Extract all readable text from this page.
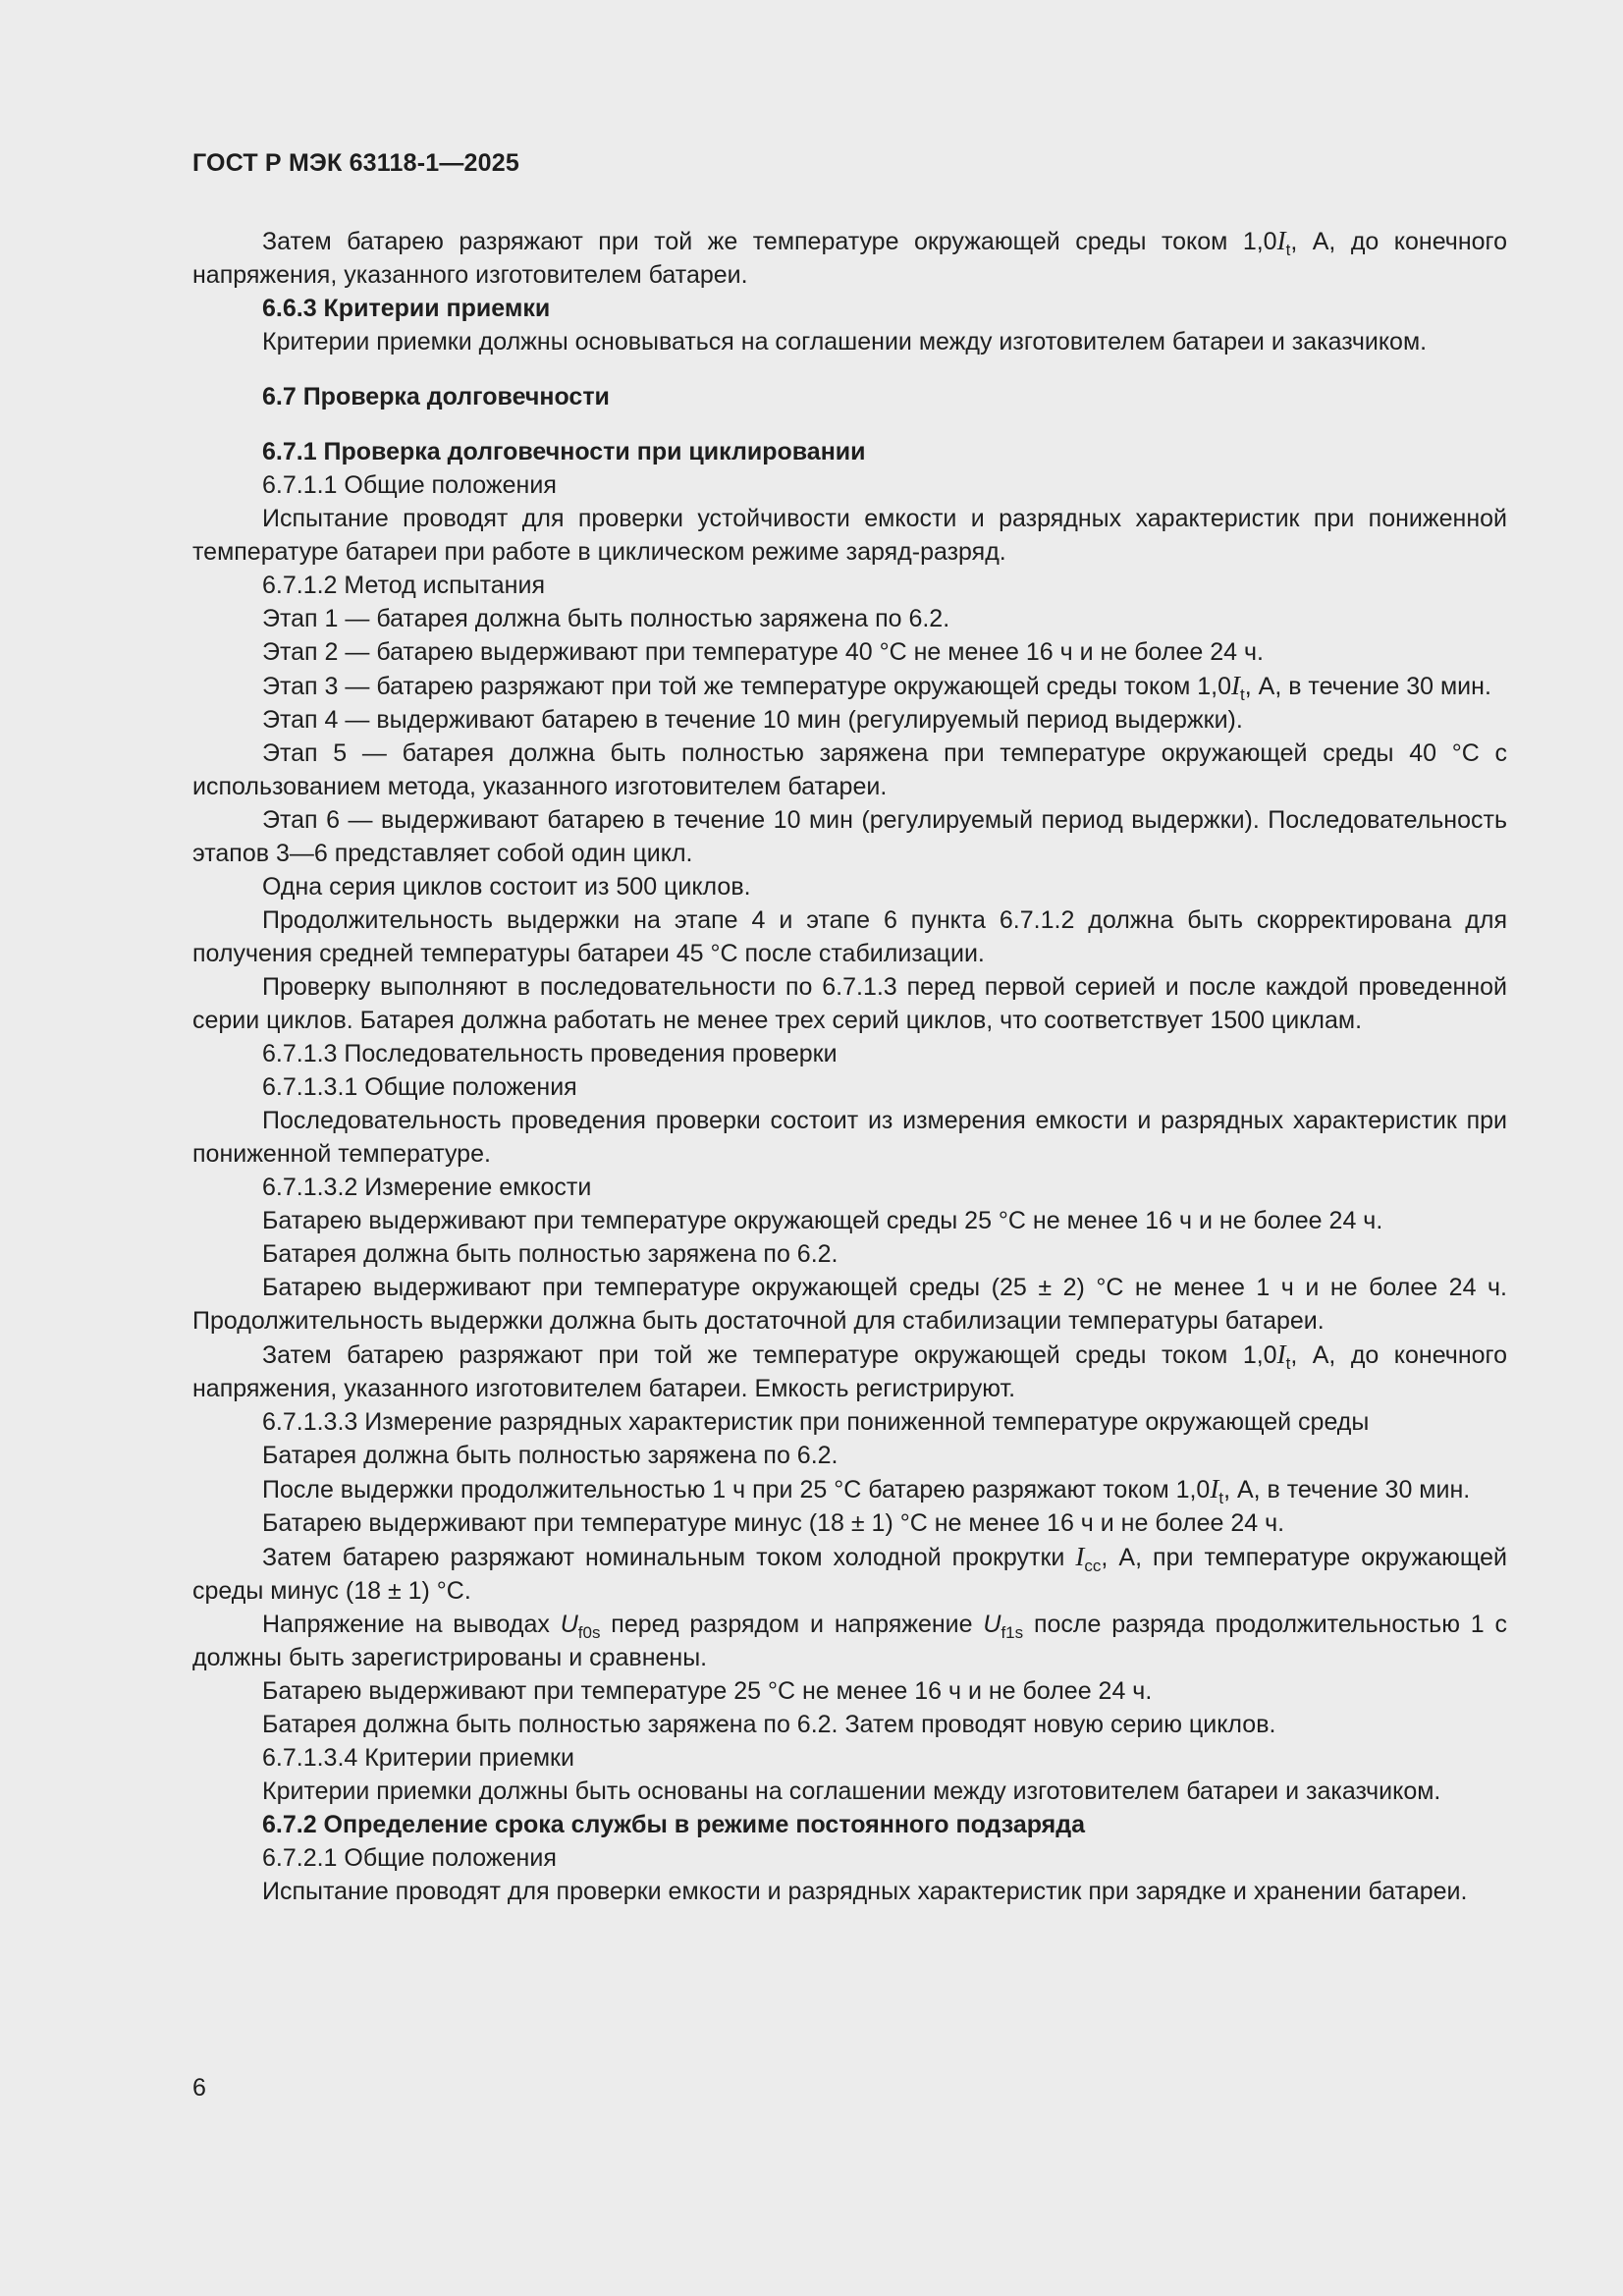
ГОСТ Р МЭК 63118-1—2025

Затем батарею разряжают при той же температуре окружающей среды током $1,0I_t$, А, до конечного напряжения, указанного изготовителем батареи.

6.6.3 Критерии приемки

Критерии приемки должны основываться на соглашении между изготовителем батареи и заказчиком.

6.7 Проверка долговечности

6.7.1 Проверка долговечности при циклировании

6.7.1.1 Общие положения

Испытание проводят для проверки устойчивости емкости и разрядных характеристик при пониженной температуре батареи при работе в циклическом режиме заряд-разряд.

6.7.1.2 Метод испытания

Этап 1 — батарея должна быть полностью заряжена по 6.2.

Этап 2 — батарею выдерживают при температуре 40 °С не менее 16 ч и не более 24 ч.

Этап 3 — батарею разряжают при той же температуре окружающей среды током $1,0I_t$, А, в течение 30 мин.

Этап 4 — выдерживают батарею в течение 10 мин (регулируемый период выдержки).

Этап 5 — батарея должна быть полностью заряжена при температуре окружающей среды 40 °С с использованием метода, указанного изготовителем батареи.

Этап 6 — выдерживают батарею в течение 10 мин (регулируемый период выдержки). Последовательность этапов 3—6 представляет собой один цикл.

Одна серия циклов состоит из 500 циклов.

Продолжительность выдержки на этапе 4 и этапе 6 пункта 6.7.1.2 должна быть скорректирована для получения средней температуры батареи 45 °С после стабилизации.

Проверку выполняют в последовательности по 6.7.1.3 перед первой серией и после каждой проведенной серии циклов. Батарея должна работать не менее трех серий циклов, что соответствует 1500 циклам.

6.7.1.3 Последовательность проведения проверки

6.7.1.3.1 Общие положения

Последовательность проведения проверки состоит из измерения емкости и разрядных характеристик при пониженной температуре.

6.7.1.3.2 Измерение емкости

Батарею выдерживают при температуре окружающей среды 25 °С не менее 16 ч и не более 24 ч.

Батарея должна быть полностью заряжена по 6.2.

Батарею выдерживают при температуре окружающей среды (25 ± 2) °С не менее 1 ч и не более 24 ч. Продолжительность выдержки должна быть достаточной для стабилизации температуры батареи.

Затем батарею разряжают при той же температуре окружающей среды током $1,0I_t$, А, до конечного напряжения, указанного изготовителем батареи. Емкость регистрируют.

6.7.1.3.3 Измерение разрядных характеристик при пониженной температуре окружающей среды

Батарея должна быть полностью заряжена по 6.2.

После выдержки продолжительностью 1 ч при 25 °С батарею разряжают током $1,0I_t$, А, в течение 30 мин.

Батарею выдерживают при температуре минус (18 ± 1) °С не менее 16 ч и не более 24 ч.

Затем батарею разряжают номинальным током холодной прокрутки $I_{cc}$, А, при температуре окружающей среды минус (18 ± 1) °С.

Напряжение на выводах $U_{f0s}$ перед разрядом и напряжение $U_{f1s}$ после разряда продолжительностью 1 с должны быть зарегистрированы и сравнены.

Батарею выдерживают при температуре 25 °С не менее 16 ч и не более 24 ч.

Батарея должна быть полностью заряжена по 6.2. Затем проводят новую серию циклов.

6.7.1.3.4 Критерии приемки

Критерии приемки должны быть основаны на соглашении между изготовителем батареи и заказчиком.

6.7.2 Определение срока службы в режиме постоянного подзаряда

6.7.2.1 Общие положения

Испытание проводят для проверки емкости и разрядных характеристик при зарядке и хранении батареи.

6
